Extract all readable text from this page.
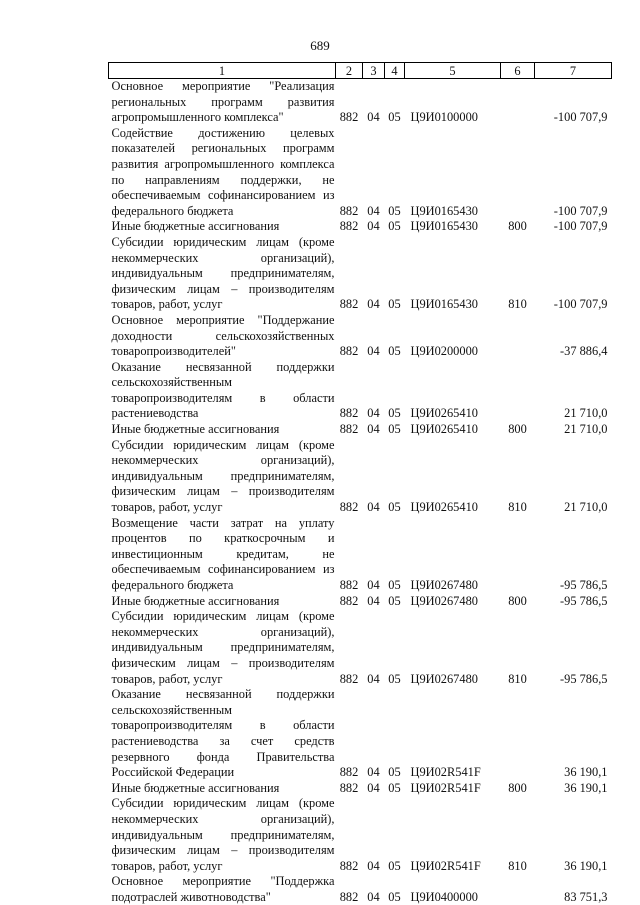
689
1	2	3	4	5	6	7
Основное мероприятие "Реализация региональных программ развития агропромышленного комплекса"	882	04	05	Ц9И0100000		-100 707,9
Содействие достижению целевых показателей региональных программ развития агропромышленного комплекса по направлениям поддержки, не обеспечиваемым софинансированием из федерального бюджета	882	04	05	Ц9И0165430		-100 707,9
Иные бюджетные ассигнования	882	04	05	Ц9И0165430	800	-100 707,9
Субсидии юридическим лицам (кроме некоммерческих организаций), индивидуальным предпринимателям, физическим лицам – производителям товаров, работ, услуг	882	04	05	Ц9И0165430	810	-100 707,9
Основное мероприятие "Поддержание доходности сельскохозяйственных товаропроизводителей"	882	04	05	Ц9И0200000		-37 886,4
Оказание несвязанной поддержки сельскохозяйственным товаропроизводителям в области растениеводства	882	04	05	Ц9И0265410		21 710,0
Иные бюджетные ассигнования	882	04	05	Ц9И0265410	800	21 710,0
Субсидии юридическим лицам (кроме некоммерческих организаций), индивидуальным предпринимателям, физическим лицам – производителям товаров, работ, услуг	882	04	05	Ц9И0265410	810	21 710,0
Возмещение части затрат на уплату процентов по краткосрочным и инвестиционным кредитам, не обеспечиваемым софинансированием из федерального бюджета	882	04	05	Ц9И0267480		-95 786,5
Иные бюджетные ассигнования	882	04	05	Ц9И0267480	800	-95 786,5
Субсидии юридическим лицам (кроме некоммерческих организаций), индивидуальным предпринимателям, физическим лицам – производителям товаров, работ, услуг	882	04	05	Ц9И0267480	810	-95 786,5
Оказание несвязанной поддержки сельскохозяйственным товаропроизводителям в области растениеводства за счет средств резервного фонда Правительства Российской Федерации	882	04	05	Ц9И02R541F		36 190,1
Иные бюджетные ассигнования	882	04	05	Ц9И02R541F	800	36 190,1
Субсидии юридическим лицам (кроме некоммерческих организаций), индивидуальным предпринимателям, физическим лицам – производителям товаров, работ, услуг	882	04	05	Ц9И02R541F	810	36 190,1
Основное мероприятие "Поддержка подотраслей животноводства"	882	04	05	Ц9И0400000		83 751,3
